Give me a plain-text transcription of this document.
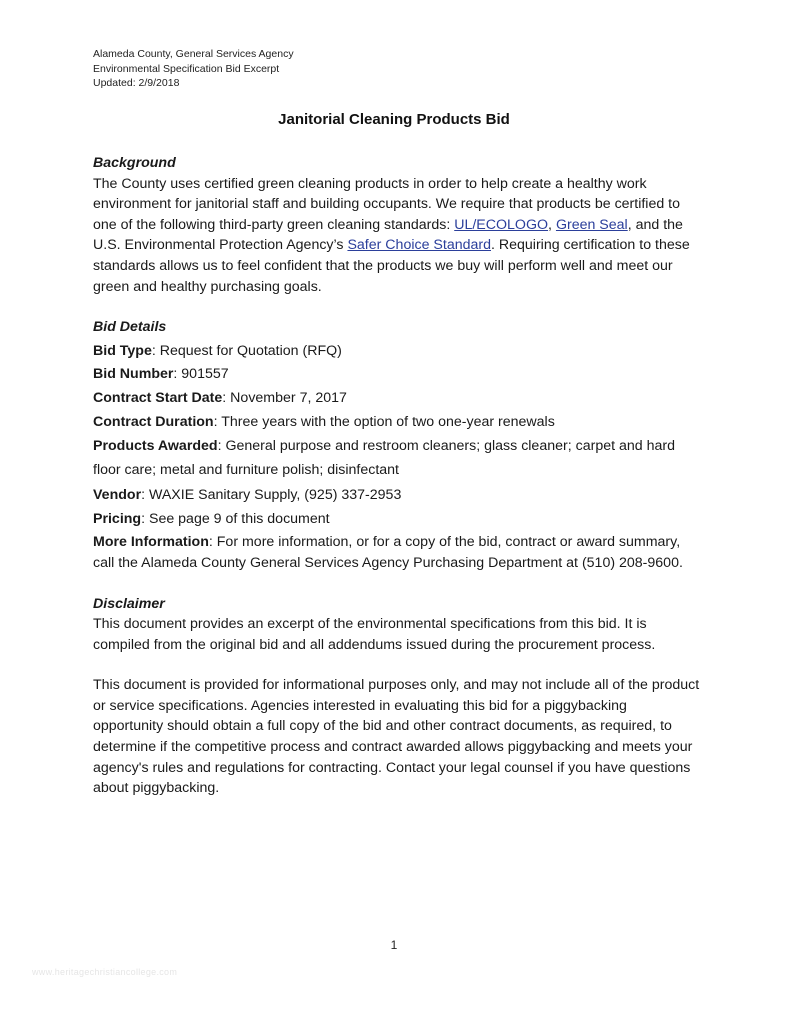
Alameda County, General Services Agency
Environmental Specification Bid Excerpt
Updated: 2/9/2018
Janitorial Cleaning Products Bid

Background

The County uses certified green cleaning products in order to help create a healthy work environment for janitorial staff and building occupants. We require that products be certified to one of the following third-party green cleaning standards: UL/ECOLOGO, Green Seal, and the U.S. Environmental Protection Agency’s Safer Choice Standard. Requiring certification to these standards allows us to feel confident that the products we buy will perform well and meet our green and healthy purchasing goals.

Bid Details

Bid Type: Request for Quotation (RFQ)

Bid Number: 901557

Contract Start Date: November 7, 2017

Contract Duration: Three years with the option of two one-year renewals

Products Awarded: General purpose and restroom cleaners; glass cleaner; carpet and hard floor care; metal and furniture polish; disinfectant

Vendor: WAXIE Sanitary Supply, (925) 337-2953

Pricing: See page 9 of this document

More Information: For more information, or for a copy of the bid, contract or award summary, call the Alameda County General Services Agency Purchasing Department at (510) 208-9600.

Disclaimer

This document provides an excerpt of the environmental specifications from this bid. It is compiled from the original bid and all addendums issued during the procurement process.

This document is provided for informational purposes only, and may not include all of the product or service specifications. Agencies interested in evaluating this bid for a piggybacking opportunity should obtain a full copy of the bid and other contract documents, as required, to determine if the competitive process and contract awarded allows piggybacking and meets your agency's rules and regulations for contracting. Contact your legal counsel if you have questions about piggybacking.

1
www.heritagechristiancollege.com
